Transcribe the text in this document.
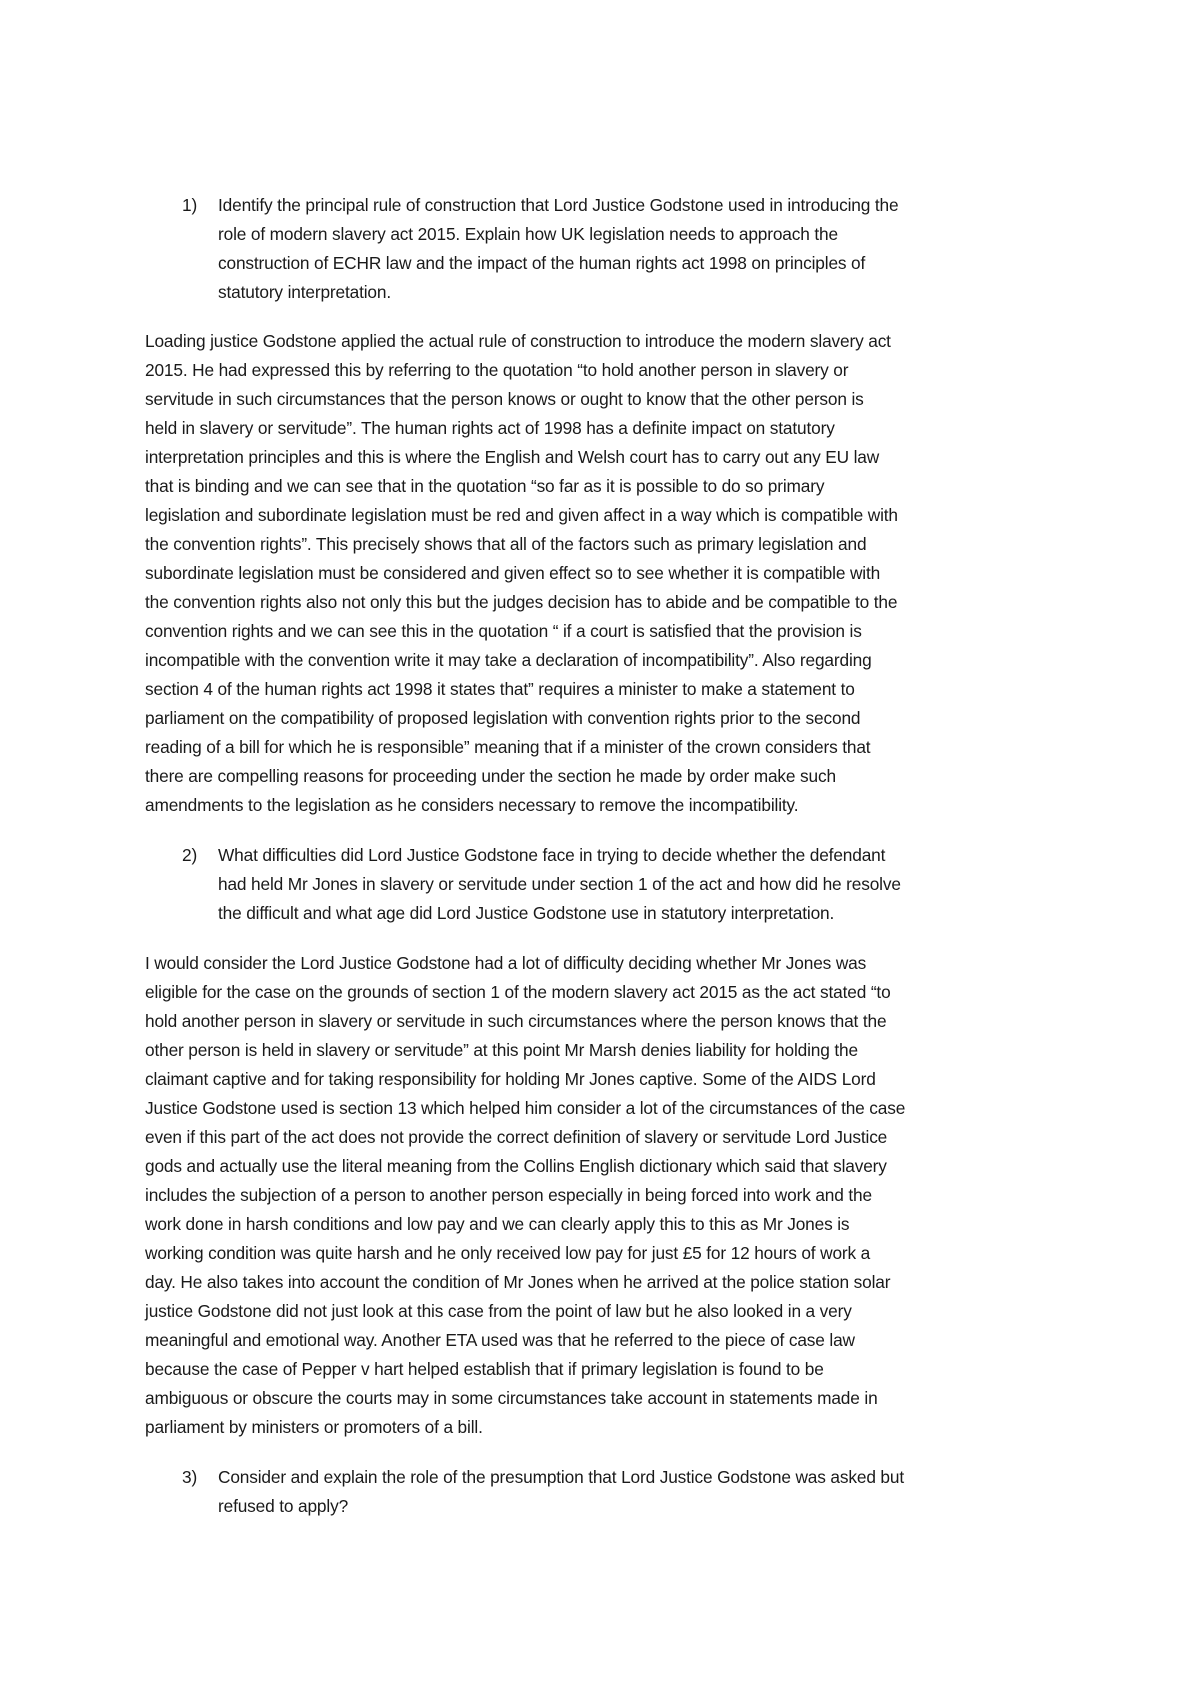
1) Identify the principal rule of construction that Lord Justice Godstone used in introducing the
role of modern slavery act 2015. Explain how UK legislation needs to approach the
construction of ECHR law and the impact of the human rights act 1998 on principles of
statutory interpretation.
Loading justice Godstone applied the actual rule of construction to introduce the modern slavery act
2015. He had expressed this by referring to the quotation “to hold another person in slavery or
servitude in such circumstances that the person knows or ought to know that the other person is
held in slavery or servitude”. The human rights act of 1998 has a definite impact on statutory
interpretation principles and this is where the English and Welsh court has to carry out any EU law
that is binding and we can see that in the quotation “so far as it is possible to do so primary
legislation and subordinate legislation must be red and given affect in a way which is compatible with
the convention rights”. This precisely shows that all of the factors such as primary legislation and
subordinate legislation must be considered and given effect so to see whether it is compatible with
the convention rights also not only this but the judges decision has to abide and be compatible to the
convention rights and we can see this in the quotation “ if a court is satisfied that the provision is
incompatible with the convention write it may take a declaration of incompatibility”. Also regarding
section 4 of the human rights act 1998 it states that” requires a minister to make a statement to
parliament on the compatibility of proposed legislation with convention rights prior to the second
reading of a bill for which he is responsible” meaning that if a minister of the crown considers that
there are compelling reasons for proceeding under the section he made by order make such
amendments to the legislation as he considers necessary to remove the incompatibility.
2) What difficulties did Lord Justice Godstone face in trying to decide whether the defendant
had held Mr Jones in slavery or servitude under section 1 of the act and how did he resolve
the difficult and what age did Lord Justice Godstone use in statutory interpretation.
I would consider the Lord Justice Godstone had a lot of difficulty deciding whether Mr Jones was
eligible for the case on the grounds of section 1 of the modern slavery act 2015 as the act stated “to
hold another person in slavery or servitude in such circumstances where the person knows that the
other person is held in slavery or servitude” at this point Mr Marsh denies liability for holding the
claimant captive and for taking responsibility for holding Mr Jones captive. Some of the AIDS Lord
Justice Godstone used is section 13 which helped him consider a lot of the circumstances of the case
even if this part of the act does not provide the correct definition of slavery or servitude Lord Justice
gods and actually use the literal meaning from the Collins English dictionary which said that slavery
includes the subjection of a person to another person especially in being forced into work and the
work done in harsh conditions and low pay and we can clearly apply this to this as Mr Jones is
working condition was quite harsh and he only received low pay for just £5 for 12 hours of work a
day. He also takes into account the condition of Mr Jones when he arrived at the police station solar
justice Godstone did not just look at this case from the point of law but he also looked in a very
meaningful and emotional way. Another ETA used was that he referred to the piece of case law
because the case of Pepper v hart helped establish that if primary legislation is found to be
ambiguous or obscure the courts may in some circumstances take account in statements made in
parliament by ministers or promoters of a bill.
3) Consider and explain the role of the presumption that Lord Justice Godstone was asked but
refused to apply?
